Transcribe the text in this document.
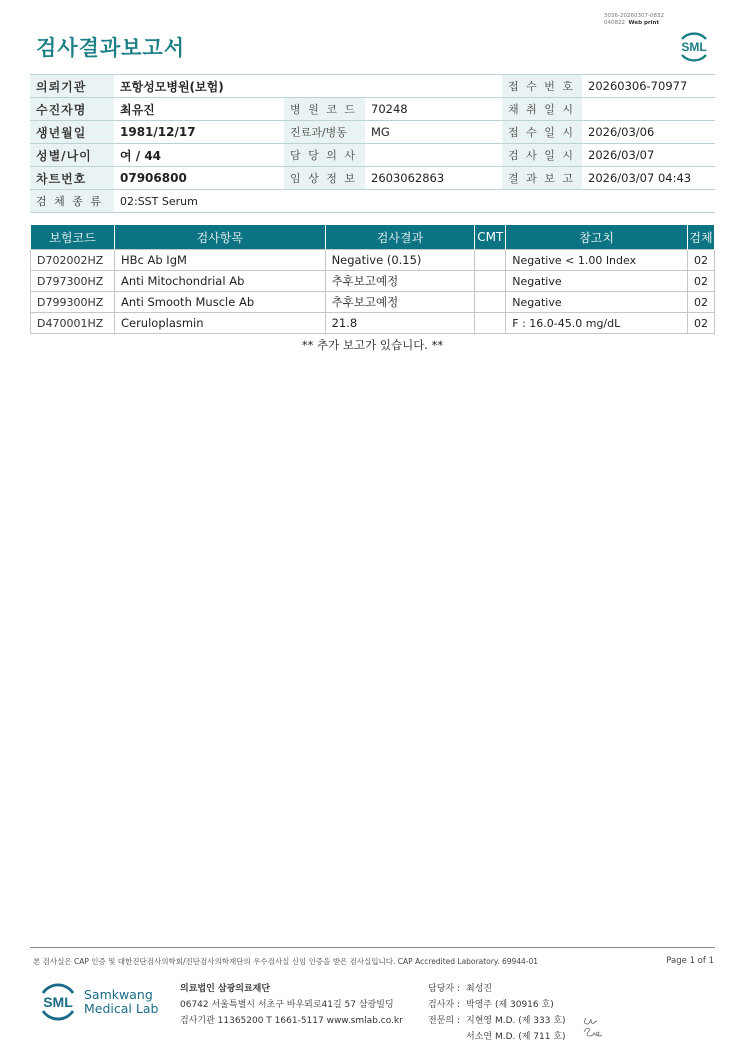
검사결과보고서
3036-20260307-0832
040822 Web print
SML
의뢰기관	포항성모병원(보험)			접 수 번 호	20260306-70977
수진자명	최유진	병 원 코 드	70248	채 취 일 시	
생년월일	1981/12/17	진료과/병동	MG	접 수 일 시	2026/03/06
성별/나이	여 / 44	담 당 의 사		검 사 일 시	2026/03/07
차트번호	07906800	임 상 정 보	2603062863	결 과 보 고	2026/03/07 04:43
검 체 종 류	02:SST Serum				
보험코드	검사항목	검사결과	CMT	참고치	검체
D702002HZ	HBc Ab IgM	Negative (0.15)		Negative < 1.00 Index	02
D797300HZ	Anti Mitochondrial Ab	추후보고예정		Negative	02
D799300HZ	Anti Smooth Muscle Ab	추후보고예정		Negative	02
D470001HZ	Ceruloplasmin	21.8		F : 16.0-45.0 mg/dL	02
** 추가 보고가 있습니다. **
본 검사실은 CAP 인증 및 대한진단검사의학회/진단검사의학재단의 우수검사실 신임 인증을 받은 검사실입니다. CAP Accredited Laboratory. 69944-01	Page 1 of 1
SML Samkwang
Medical Lab
의료법인 삼광의료재단
06742 서울특별시 서초구 바우뫼로41길 57 삼광빌딩
검사기관 11365200 T 1661-5117 www.smlab.co.kr
담당자 : 최성진
검사자 : 박영주 (제 30916 호)
전문의 : 지현영 M.D. (제 333 호)
서소연 M.D. (제 711 호)
